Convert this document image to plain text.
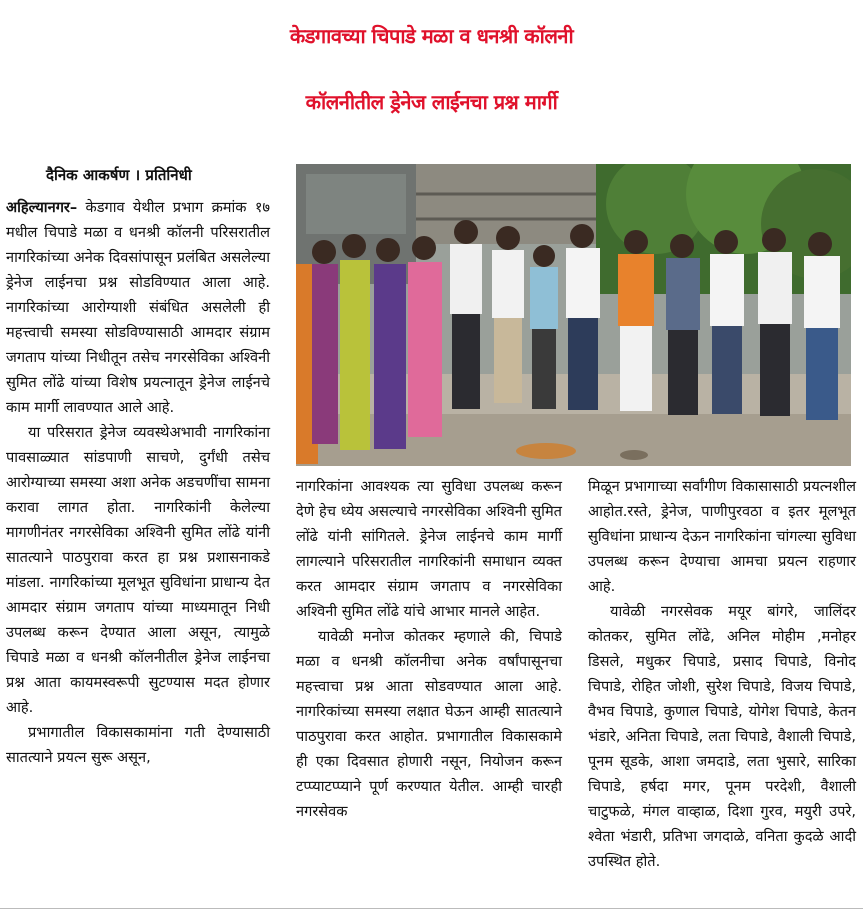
केडगावच्या चिपाडे मळा व धनश्री कॉलनी
कॉलनीतील ड्रेनेज लाईनचा प्रश्न मार्गी
दैनिक आकर्षण । प्रतिनिधी

अहिल्यानगर– केडगाव येथील प्रभाग क्रमांक १७ मधील चिपाडे मळा व धनश्री कॉलनी परिसरातील नागरिकांच्या अनेक दिवसांपासून प्रलंबित असलेल्या ड्रेनेज लाईनचा प्रश्न सोडविण्यात आला आहे. नागरिकांच्या आरोग्याशी संबंधित असलेली ही महत्त्वाची समस्या सोडविण्यासाठी आमदार संग्राम जगताप यांच्या निधीतून तसेच नगरसेविका अश्विनी सुमित लोंढे यांच्या विशेष प्रयत्नातून ड्रेनेज लाईनचे काम मार्गी लावण्यात आले आहे.

या परिसरात ड्रेनेज व्यवस्थेअभावी नागरिकांना पावसाळ्यात सांडपाणी साचणे, दुर्गंधी तसेच आरोग्याच्या समस्या अशा अनेक अडचणींचा सामना करावा लागत होता. नागरिकांनी केलेल्या मागणीनंतर नगरसेविका अश्विनी सुमित लोंढे यांनी सातत्याने पाठपुरावा करत हा प्रश्न प्रशासनाकडे मांडला. नागरिकांच्या मूलभूत सुविधांना प्राधान्य देत आमदार संग्राम जगताप यांच्या माध्यमातून निधी उपलब्ध करून देण्यात आला असून, त्यामुळे चिपाडे मळा व धनश्री कॉलनीतील ड्रेनेज लाईनचा प्रश्न आता कायमस्वरूपी सुटण्यास मदत होणार आहे.

प्रभागातील विकासकामांना गती देण्यासाठी सातत्याने प्रयत्न सुरू असून,

नागरिकांना आवश्यक त्या सुविधा उपलब्ध करून देणे हेच ध्येय असल्याचे नगरसेविका अश्विनी सुमित लोंढे यांनी सांगितले. ड्रेनेज लाईनचे काम मार्गी लागल्याने परिसरातील नागरिकांनी समाधान व्यक्त करत आमदार संग्राम जगताप व नगरसेविका अश्विनी सुमित लोंढे यांचे आभार मानले आहेत.

यावेळी मनोज कोतकर म्हणाले की, चिपाडे मळा व धनश्री कॉलनीचा अनेक वर्षांपासूनचा महत्त्वाचा प्रश्न आता सोडवण्यात आला आहे. नागरिकांच्या समस्या लक्षात घेऊन आम्ही सातत्याने पाठपुरावा करत आहोत. प्रभागातील विकासकामे ही एका दिवसात होणारी नसून, नियोजन करून टप्प्याटप्प्याने पूर्ण करण्यात येतील. आम्ही चारही नगरसेवक

मिळून प्रभागाच्या सर्वांगीण विकासासाठी प्रयत्नशील आहोत.रस्ते, ड्रेनेज, पाणीपुरवठा व इतर मूलभूत सुविधांना प्राधान्य देऊन नागरिकांना चांगल्या सुविधा उपलब्ध करून देण्याचा आमचा प्रयत्न राहणार आहे.

यावेळी नगरसेवक मयूर बांगरे, जालिंदर कोतकर, सुमित लोंढे, अनिल मोहीम ,मनोहर डिसले, मधुकर चिपाडे, प्रसाद चिपाडे, विनोद चिपाडे, रोहित जोशी, सुरेश चिपाडे, विजय चिपाडे, वैभव चिपाडे, कुणाल चिपाडे, योगेश चिपाडे, केतन भंडारे, अनिता चिपाडे, लता चिपाडे, वैशाली चिपाडे, पूनम सूडके, आशा जमदाडे, लता भुसारे, सारिका चिपाडे, हर्षदा मगर, पूनम परदेशी, वैशाली चाटुफळे, मंगल वाव्हाळ, दिशा गुरव, मयुरी उपरे, श्वेता भंडारी, प्रतिभा जगदाळे, वनिता कुदळे आदी उपस्थित होते.
